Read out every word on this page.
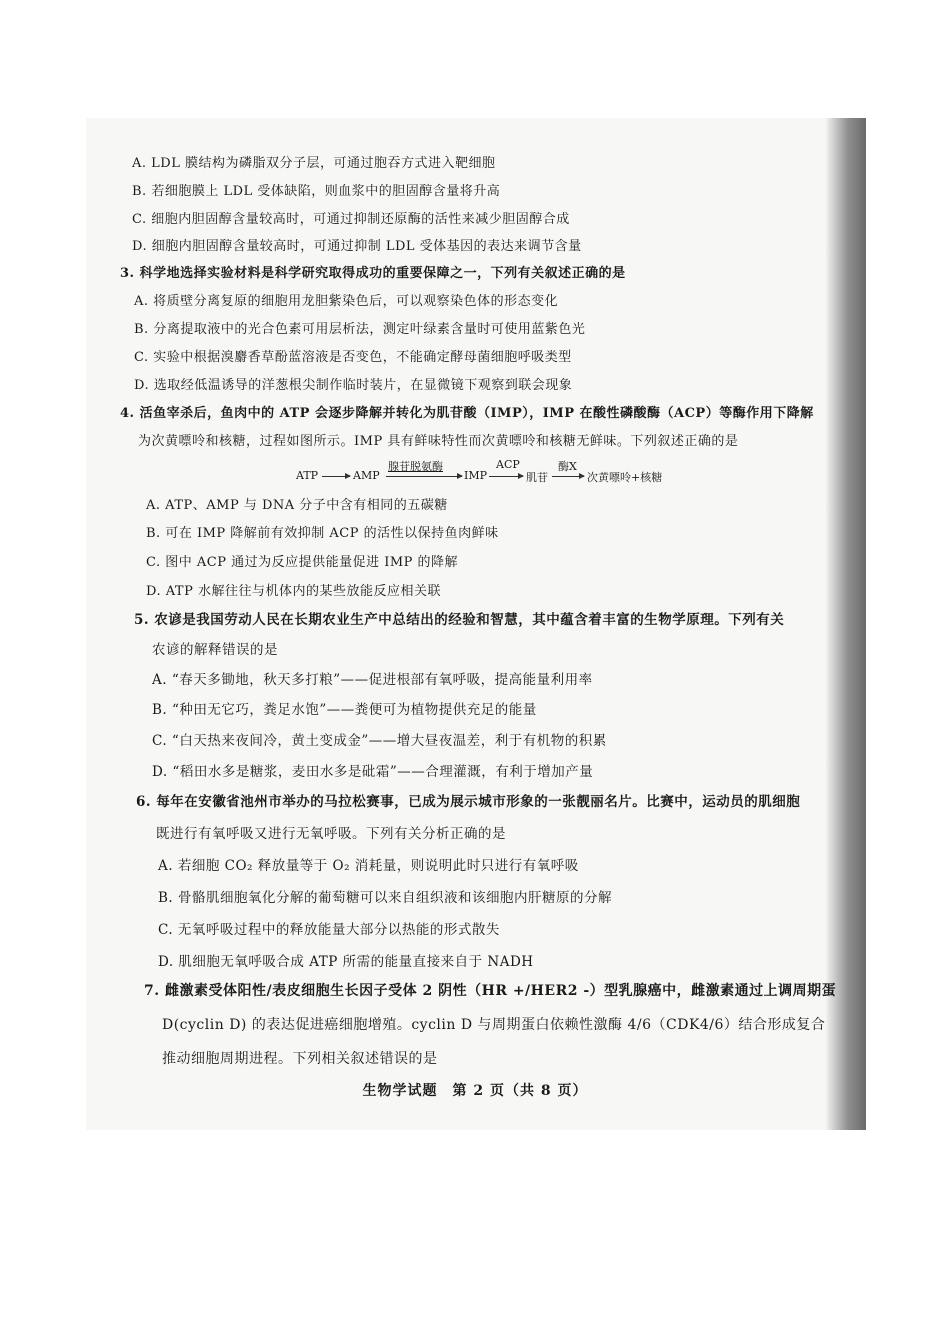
A. LDL 膜结构为磷脂双分子层，可通过胞吞方式进入靶细胞
B. 若细胞膜上 LDL 受体缺陷，则血浆中的胆固醇含量将升高
C. 细胞内胆固醇含量较高时，可通过抑制还原酶的活性来减少胆固醇合成
D. 细胞内胆固醇含量较高时，可通过抑制 LDL 受体基因的表达来调节含量
3. 科学地选择实验材料是科学研究取得成功的重要保障之一，下列有关叙述正确的是
A. 将质壁分离复原的细胞用龙胆紫染色后，可以观察染色体的形态变化
B. 分离提取液中的光合色素可用层析法，测定叶绿素含量时可使用蓝紫色光
C. 实验中根据溴麝香草酚蓝溶液是否变色，不能确定酵母菌细胞呼吸类型
D. 选取经低温诱导的洋葱根尖制作临时装片，在显微镜下观察到联会现象
4. 活鱼宰杀后，鱼肉中的 ATP 会逐步降解并转化为肌苷酸（IMP），IMP 在酸性磷酸酶（ACP）等酶作用下降解
为次黄嘌呤和核糖，过程如图所示。IMP 具有鲜味特性而次黄嘌呤和核糖无鲜味。下列叙述正确的是
ATP	AMP
腺苷脱氨酶
IMP
ACP
肌苷
酶X
次黄嘌呤+核糖
A. ATP、AMP 与 DNA 分子中含有相同的五碳糖
B. 可在 IMP 降解前有效抑制 ACP 的活性以保持鱼肉鲜味
C. 图中 ACP 通过为反应提供能量促进 IMP 的降解
D. ATP 水解往往与机体内的某些放能反应相关联
5. 农谚是我国劳动人民在长期农业生产中总结出的经验和智慧，其中蕴含着丰富的生物学原理。下列有关
农谚的解释错误的是
A. “春天多锄地，秋天多打粮”——促进根部有氧呼吸，提高能量利用率
B. “种田无它巧，粪足水饱”——粪便可为植物提供充足的能量
C. “白天热来夜间冷，黄土变成金”——增大昼夜温差，利于有机物的积累
D. “稻田水多是糖浆，麦田水多是砒霜”——合理灌溉，有利于增加产量
6. 每年在安徽省池州市举办的马拉松赛事，已成为展示城市形象的一张靓丽名片。比赛中，运动员的肌细胞
既进行有氧呼吸又进行无氧呼吸。下列有关分析正确的是
A. 若细胞 CO₂ 释放量等于 O₂ 消耗量，则说明此时只进行有氧呼吸
B. 骨骼肌细胞氧化分解的葡萄糖可以来自组织液和该细胞内肝糖原的分解
C. 无氧呼吸过程中的释放能量大部分以热能的形式散失
D. 肌细胞无氧呼吸合成 ATP 所需的能量直接来自于 NADH
7. 雌激素受体阳性/表皮细胞生长因子受体 2 阴性（HR +/HER2 -）型乳腺癌中，雌激素通过上调周期蛋
D(cyclin D) 的表达促进癌细胞增殖。cyclin D 与周期蛋白依赖性激酶 4/6（CDK4/6）结合形成复合
推动细胞周期进程。下列相关叙述错误的是
生物学试题　第 2 页（共 8 页）
